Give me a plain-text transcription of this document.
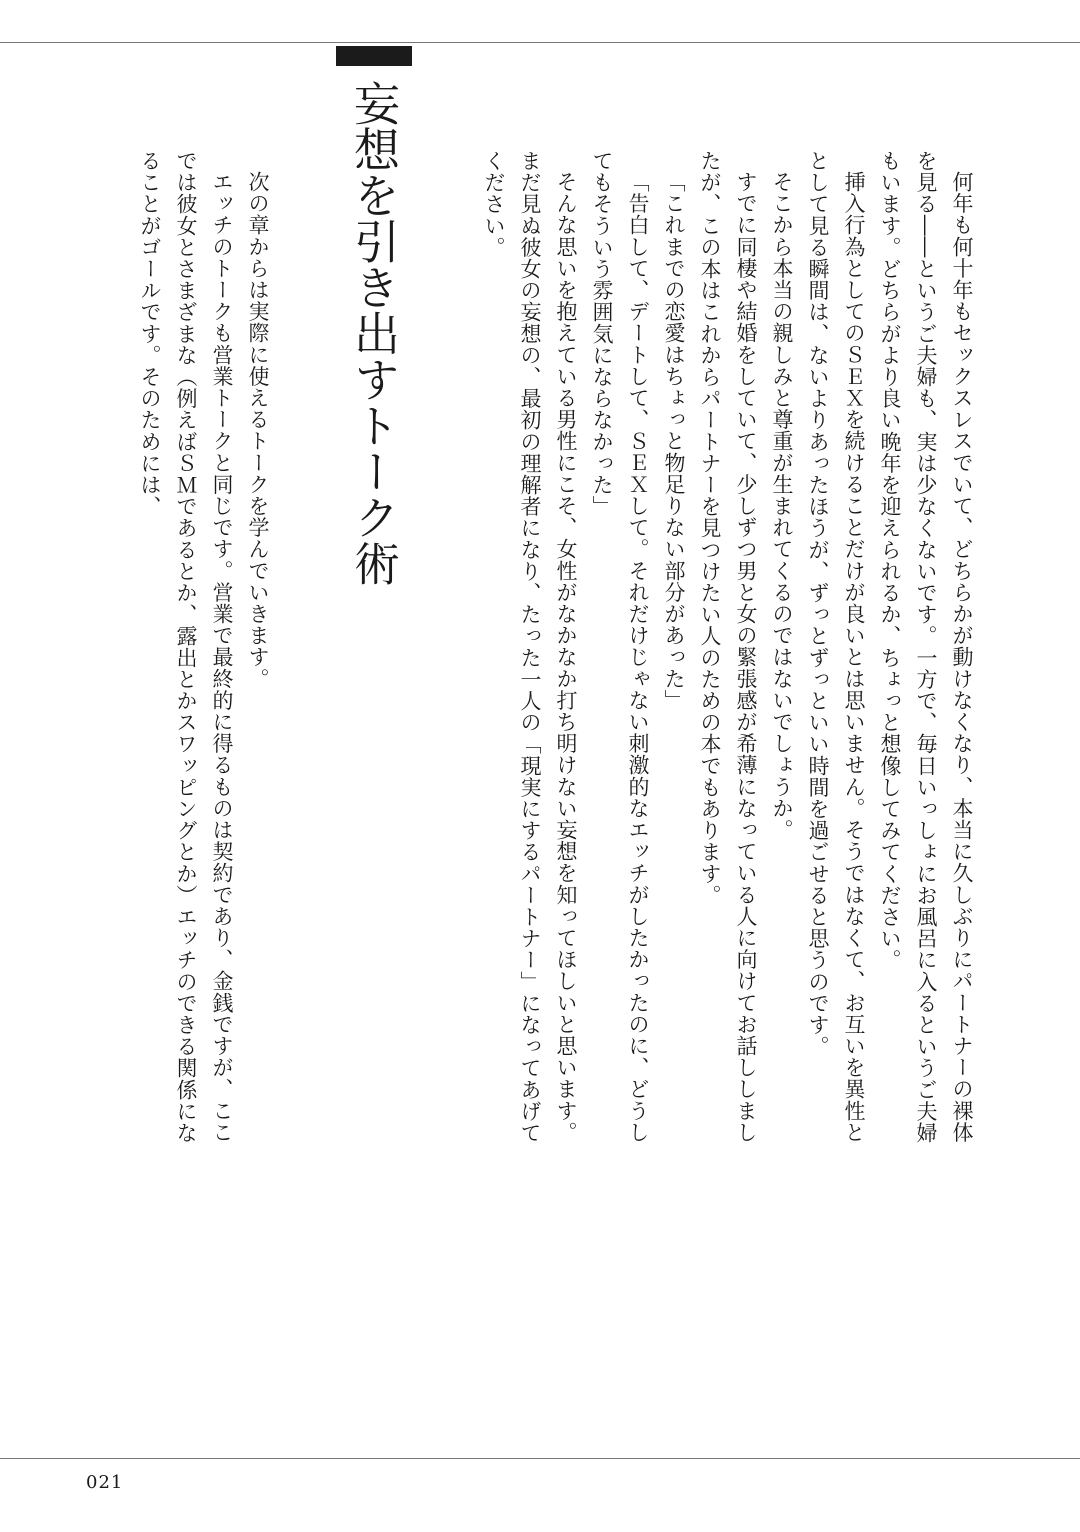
妄想を引き出すトーク術	何年も何十年もセックスレスでいて、どちらかが動けなくなり、本当に久しぶりにパートナーの裸体を見る――というご夫婦も、実は少なくないです。一方で、毎日いっしょにお風呂に入るというご夫婦もいます。どちらがより良い晩年を迎えられるか、ちょっと想像してみてください。

挿入行為としてのＳＥＸを続けることだけが良いとは思いません。そうではなくて、お互いを異性ととして見る瞬間は、ないよりあったほうが、ずっとずっといい時間を過ごせると思うのです。

そこから本当の親しみと尊重が生まれてくるのではないでしょうか。

すでに同棲や結婚をしていて、少しずつ男と女の緊張感が希薄になっている人に向けてお話ししましたが、この本はこれからパートナーを見つけたい人のための本でもあります。

「これまでの恋愛はちょっと物足りない部分があった」

「告白して、デートして、ＳＥＸして。それだけじゃない刺激的なエッチがしたかったのに、どうしてもそういう雰囲気にならなかった」

そんな思いを抱えている男性にこそ、女性がなかなか打ち明けない妄想を知ってほしいと思います。まだ見ぬ彼女の妄想の、最初の理解者になり、たった一人の「現実にするパートナー」になってあげてください。

次の章からは実際に使えるトークを学んでいきます。

エッチのトークも営業トークと同じです。営業で最終的に得るものは契約であり、金銭ですが、ここでは彼女とさまざまな（例えばＳＭであるとか、露出とかスワッピングとか）エッチのできる関係になることがゴールです。そのためには、

021
